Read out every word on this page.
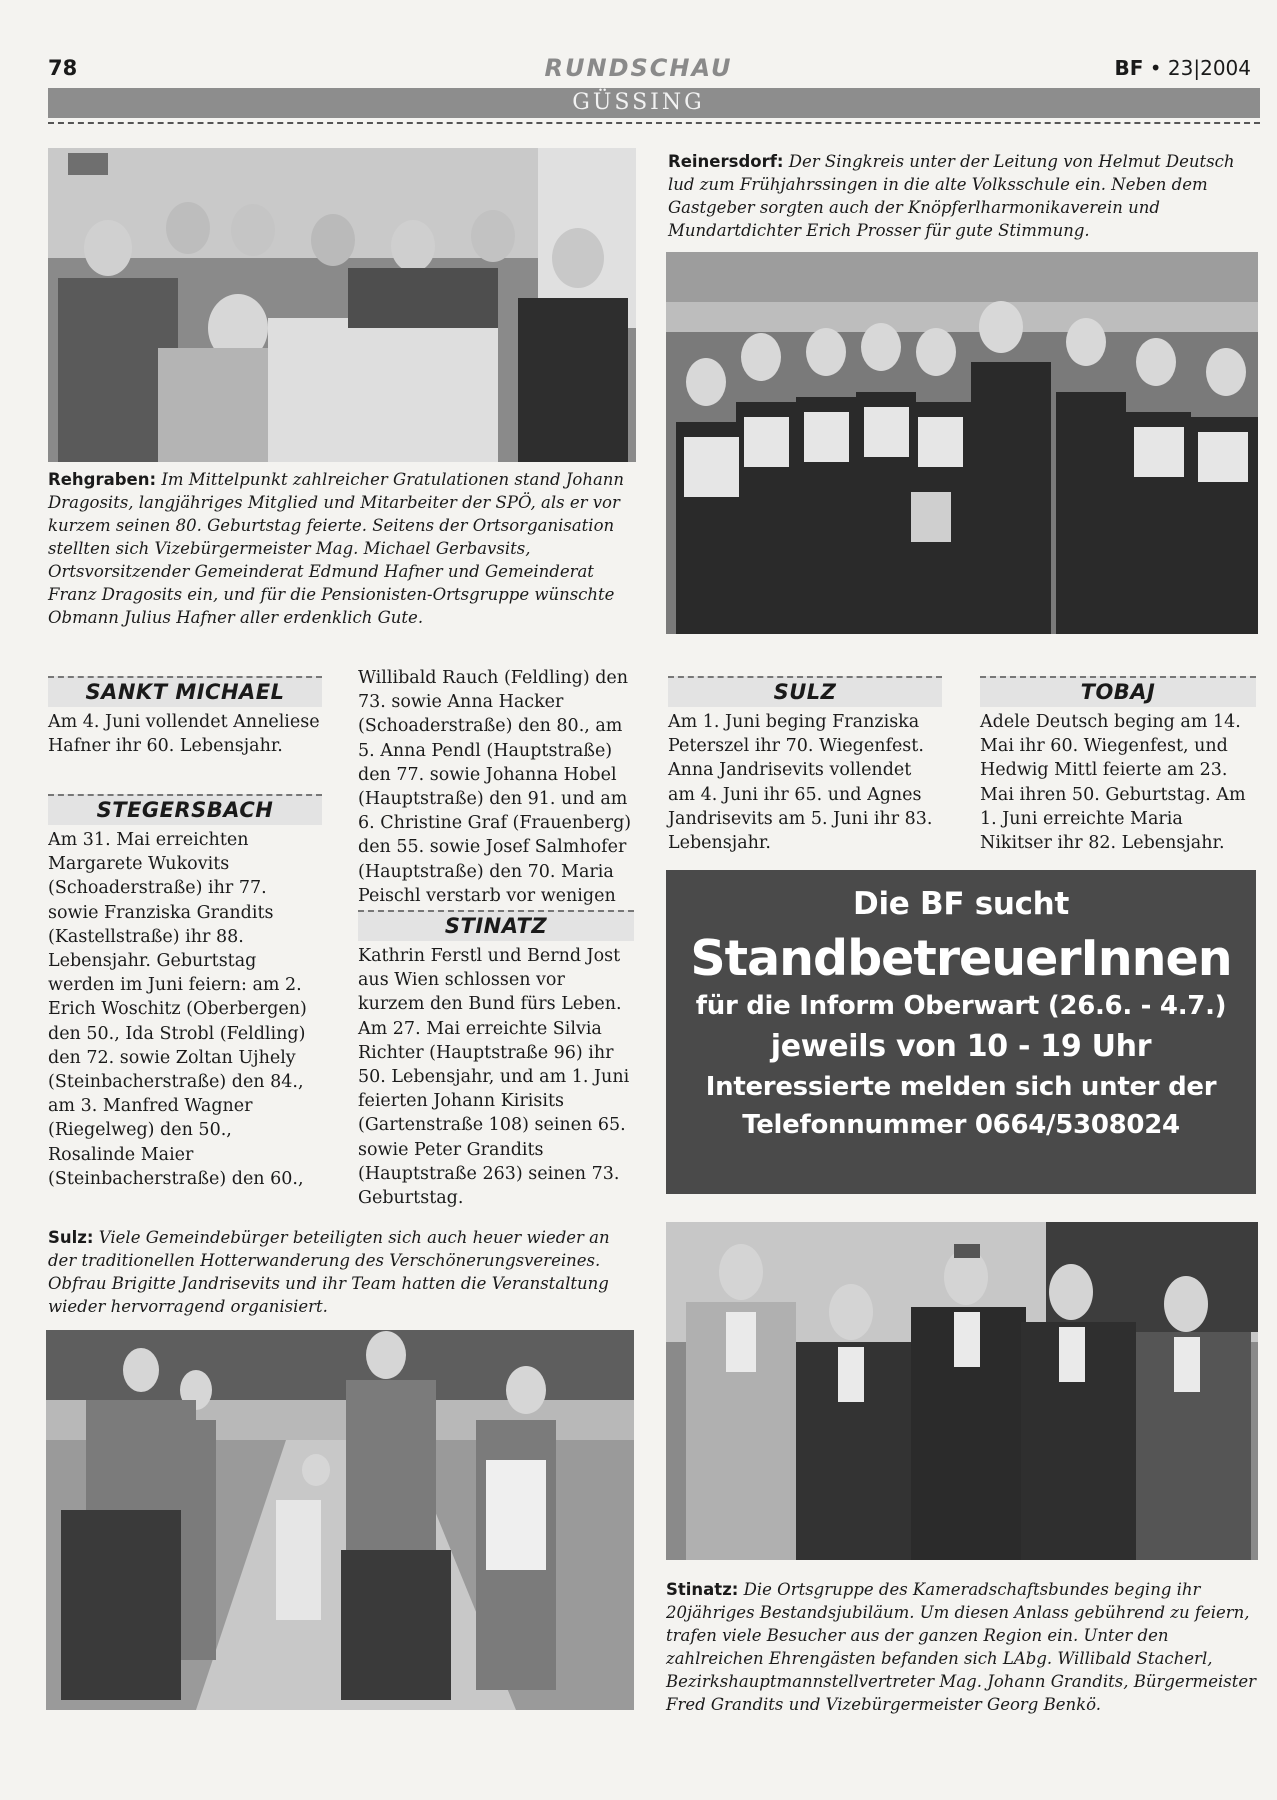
78	RUNDSCHAU	BF • 23|2004
GÜSSING
Rehgraben: Im Mittelpunkt zahlreicher Gratulationen stand Johann Dragosits, langjähriges Mitglied und Mitarbeiter der SPÖ, als er vor kurzem seinen 80. Geburtstag feierte. Seitens der Ortsorganisation stellten sich Vizebürgermeister Mag. Michael Gerbavsits, Ortsvorsitzender Gemeinderat Edmund Hafner und Gemeinderat Franz Dragosits ein, und für die Pensionisten-Ortsgruppe wünschte Obmann Julius Hafner aller erdenklich Gute.
Reinersdorf: Der Singkreis unter der Leitung von Helmut Deutsch lud zum Frühjahrssingen in die alte Volksschule ein. Neben dem Gastgeber sorgten auch der Knöpferlharmonikaverein und Mundartdichter Erich Prosser für gute Stimmung.
SANKT MICHAEL
Am 4. Juni vollendet Anneliese Hafner ihr 60. Lebensjahr.
STEGERSBACH
Am 31. Mai erreichten Margarete Wukovits (Schoaderstraße) ihr 77. sowie Franziska Grandits (Kastellstraße) ihr 88. Lebensjahr. Geburtstag werden im Juni feiern: am 2. Erich Woschitz (Oberbergen) den 50., Ida Strobl (Feldling) den 72. sowie Zoltan Ujhely (Steinbacherstraße) den 84., am 3. Manfred Wagner (Riegelweg) den 50., Rosalinde Maier (Steinbacherstraße) den 60.,
Willibald Rauch (Feldling) den 73. sowie Anna Hacker (Schoaderstraße) den 80., am 5. Anna Pendl (Hauptstraße) den 77. sowie Johanna Hobel (Hauptstraße) den 91. und am 6. Christine Graf (Frauenberg) den 55. sowie Josef Salmhofer (Hauptstraße) den 70. Maria Peischl verstarb vor wenigen
STINATZ
Kathrin Ferstl und Bernd Jost aus Wien schlossen vor kurzem den Bund fürs Leben. Am 27. Mai erreichte Silvia Richter (Hauptstraße 96) ihr 50. Lebensjahr, und am 1. Juni feierten Johann Kirisits (Gartenstraße 108) seinen 65. sowie Peter Grandits (Hauptstraße 263) seinen 73. Geburtstag.
SULZ
Am 1. Juni beging Franziska Peterszel ihr 70. Wiegenfest. Anna Jandrisevits vollendet am 4. Juni ihr 65. und Agnes Jandrisevits am 5. Juni ihr 83. Lebensjahr.
TOBAJ
Adele Deutsch beging am 14. Mai ihr 60. Wiegenfest, und Hedwig Mittl feierte am 23. Mai ihren 50. Geburtstag. Am 1. Juni erreichte Maria Nikitser ihr 82. Lebensjahr.
Die BF sucht
StandbetreuerInnen
für die Inform Oberwart (26.6. - 4.7.)
jeweils von 10 - 19 Uhr
Interessierte melden sich unter der
Telefonnummer 0664/5308024
Sulz: Viele Gemeindebürger beteiligten sich auch heuer wieder an der traditionellen Hotterwanderung des Verschönerungsvereines. Obfrau Brigitte Jandrisevits und ihr Team hatten die Veranstaltung wieder hervorragend organisiert.
Stinatz: Die Ortsgruppe des Kameradschaftsbundes beging ihr 20jähriges Bestandsjubiläum. Um diesen Anlass gebührend zu feiern, trafen viele Besucher aus der ganzen Region ein. Unter den zahlreichen Ehrengästen befanden sich LAbg. Willibald Stacherl, Bezirkshauptmannstellvertreter Mag. Johann Grandits, Bürgermeister Fred Grandits und Vizebürgermeister Georg Benkö.
